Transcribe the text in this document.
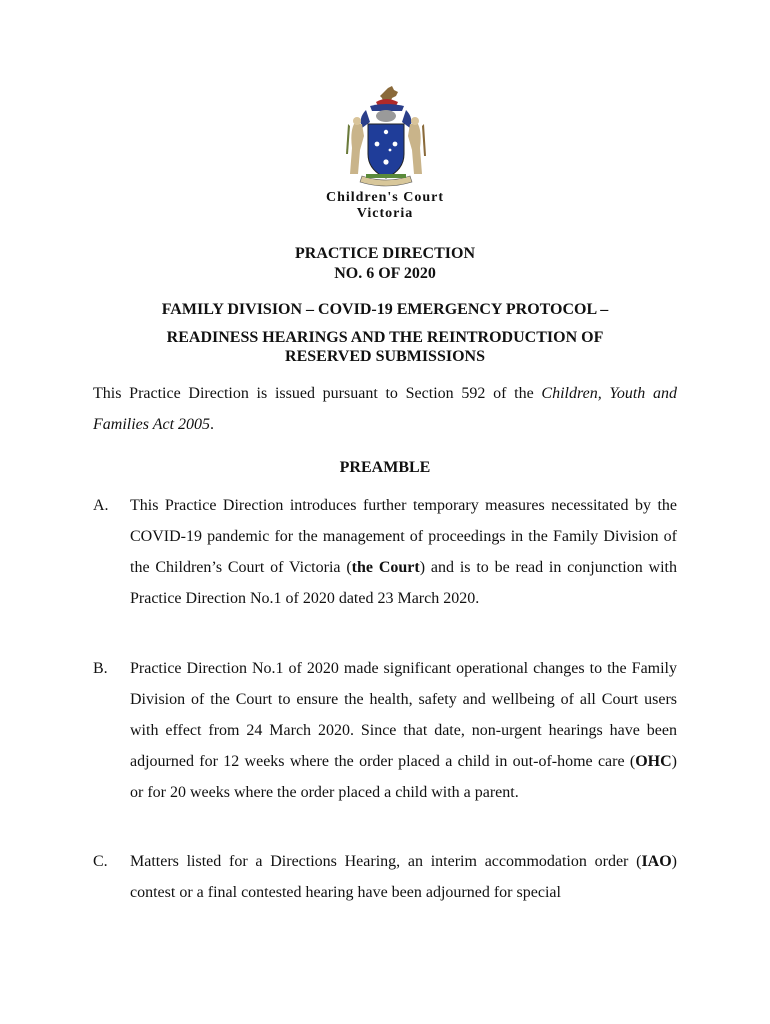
Children's Court
Victoria
PRACTICE DIRECTION
NO. 6 OF 2020
FAMILY DIVISION – COVID-19 EMERGENCY PROTOCOL –
READINESS HEARINGS AND THE REINTRODUCTION OF
RESERVED SUBMISSIONS
This Practice Direction is issued pursuant to Section 592 of the Children, Youth and Families Act 2005.
PREAMBLE
A. This Practice Direction introduces further temporary measures necessitated by the COVID-19 pandemic for the management of proceedings in the Family Division of the Children’s Court of Victoria (the Court) and is to be read in conjunction with Practice Direction No.1 of 2020 dated 23 March 2020.
B. Practice Direction No.1 of 2020 made significant operational changes to the Family Division of the Court to ensure the health, safety and wellbeing of all Court users with effect from 24 March 2020. Since that date, non-urgent hearings have been adjourned for 12 weeks where the order placed a child in out-of-home care (OHC) or for 20 weeks where the order placed a child with a parent.
C. Matters listed for a Directions Hearing, an interim accommodation order (IAO) contest or a final contested hearing have been adjourned for special
